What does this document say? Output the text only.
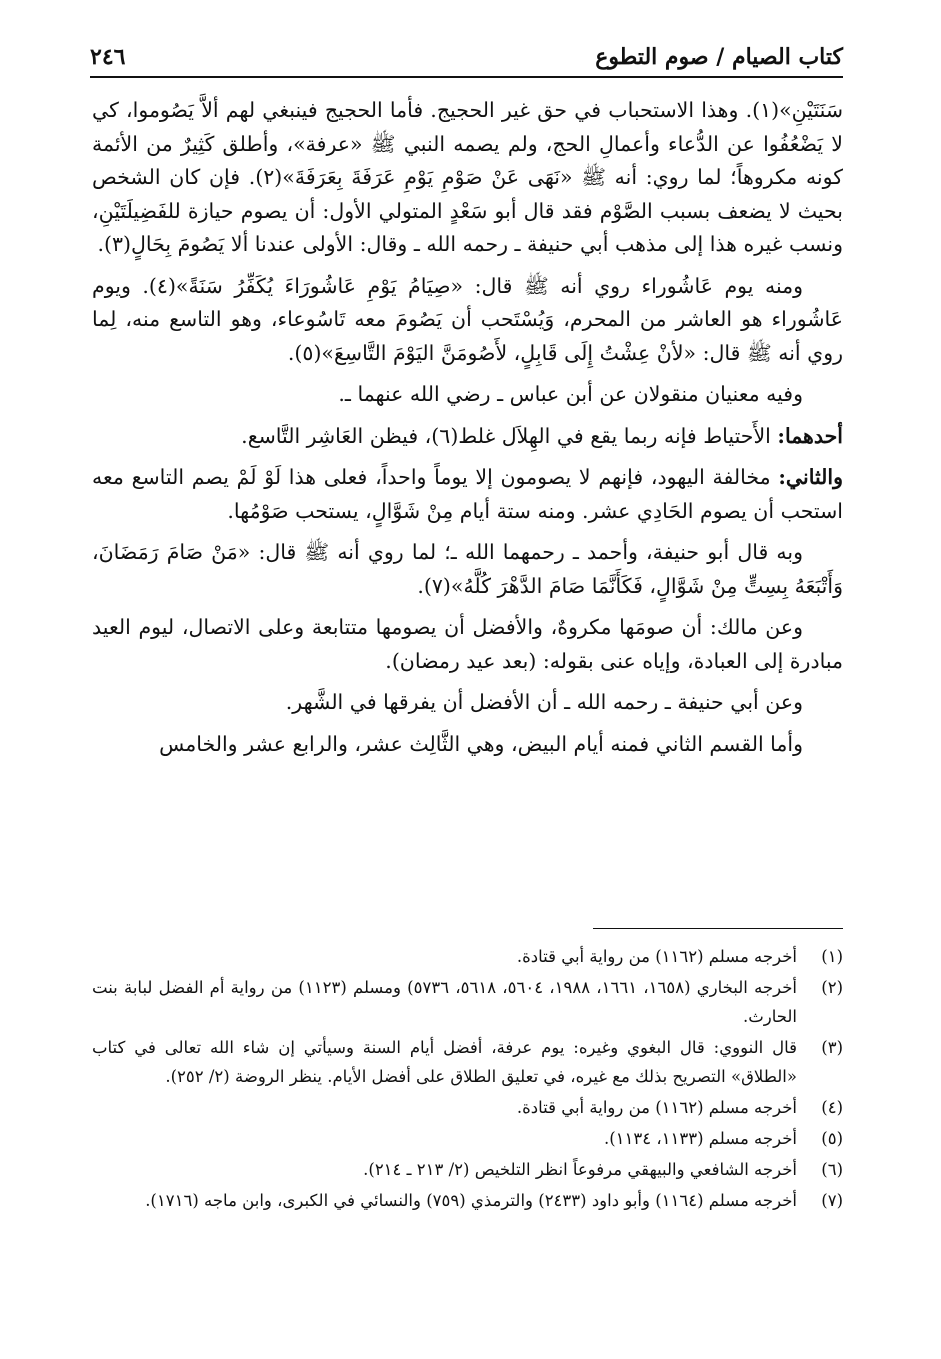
كتاب الصيام / صوم التطوع
٢٤٦

سَنَتَيْنِ»(١). وهذا الاستحباب في حق غير الحجيج. فأما الحجيج فينبغي لهم ألاَّ يَصُوموا، كي لا يَضْعُفُوا عن الدُّعاء وأعمالِ الحج، ولم يصمه النبي ﷺ «عرفة»، وأطلق كَثِيرٌ من الأئمة كونه مكروهاً؛ لما روي: أنه ﷺ «نَهَى عَنْ صَوْمِ يَوْمِ عَرَفَةَ بِعَرَفَةَ»(٢). فإن كان الشخص بحيث لا يضعف بسبب الصَّوْم فقد قال أبو سَعْدٍ المتولي الأول: أن يصوم حيازة للفَضِيلَتَيْنِ، ونسب غيره هذا إلى مذهب أبي حنيفة ـ رحمه الله ـ وقال: الأولى عندنا ألا يَصُومَ بِحَالٍ(٣).

ومنه يوم عَاشُوراء روي أنه ﷺ قال: «صِيَامُ يَوْمِ عَاشُورَاءَ يُكَفِّرُ سَنَةً»(٤). ويوم عَاشُوراء هو العاشر من المحرم، وَيُسْتَحب أن يَصُومَ معه تَاسُوعاء، وهو التاسع منه، لِما روي أنه ﷺ قال: «لأنْ عِشْتُ إِلَى قَابِلٍ، لأَصُومَنَّ اليَوْمَ التَّاسِعَ»(٥).

وفيه معنيان منقولان عن أبن عباس ـ رضي الله عنهما ـ.

أحدهما: الأَحتياط فإنه ربما يقع في الهِلاَل غلط(٦)، فيظن العَاشِر التَّاسع.

والثاني: مخالفة اليهود، فإنهم لا يصومون إلا يوماً واحداً، فعلى هذا لَوْ لَمْ يصم التاسع معه استحب أن يصوم الحَادِي عشر. ومنه ستة أيام مِنْ شَوَّالٍ، يستحب صَوْمُها.

وبه قال أبو حنيفة، وأحمد ـ رحمهما الله ـ؛ لما روي أنه ﷺ قال: «مَنْ صَامَ رَمَضَانَ، وَأَتْبَعَهُ بِسِتٍّ مِنْ شَوَّالٍ، فَكَأَنَّمَا صَامَ الدَّهْرَ كُلَّهُ»(٧).

وعن مالك: أن صومَها مكروهٌ، والأفضل أن يصومها متتابعة وعلى الاتصال، ليوم العيد مبادرة إلى العبادة، وإياه عنى بقوله: (بعد عيد رمضان).

وعن أبي حنيفة ـ رحمه الله ـ أن الأفضل أن يفرقها في الشَّهر.

وأما القسم الثاني فمنه أيام البيض، وهي الثَّالِث عشر، والرابع عشر والخامس

(١)
أخرجه مسلم (١١٦٢) من رواية أبي قتادة.
(٢)
أخرجه البخاري (١٦٥٨، ١٦٦١، ١٩٨٨، ٥٦٠٤، ٥٦١٨، ٥٧٣٦) ومسلم (١١٢٣) من رواية أم الفضل لبابة بنت الحارث.
(٣)
قال النووي: قال البغوي وغيره: يوم عرفة، أفضل أيام السنة وسيأتي إن شاء الله تعالى في كتاب «الطلاق» التصريح بذلك مع غيره، في تعليق الطلاق على أفضل الأيام. ينظر الروضة (٢/ ٢٥٢).
(٤)
أخرجه مسلم (١١٦٢) من رواية أبي قتادة.
(٥)
أخرجه مسلم (١١٣٣، ١١٣٤).
(٦)
أخرجه الشافعي والبيهقي مرفوعاً انظر التلخيص (٢/ ٢١٣ ـ ٢١٤).
(٧)
أخرجه مسلم (١١٦٤) وأبو داود (٢٤٣٣) والترمذي (٧٥٩) والنسائي في الكبرى، وابن ماجه (١٧١٦).
